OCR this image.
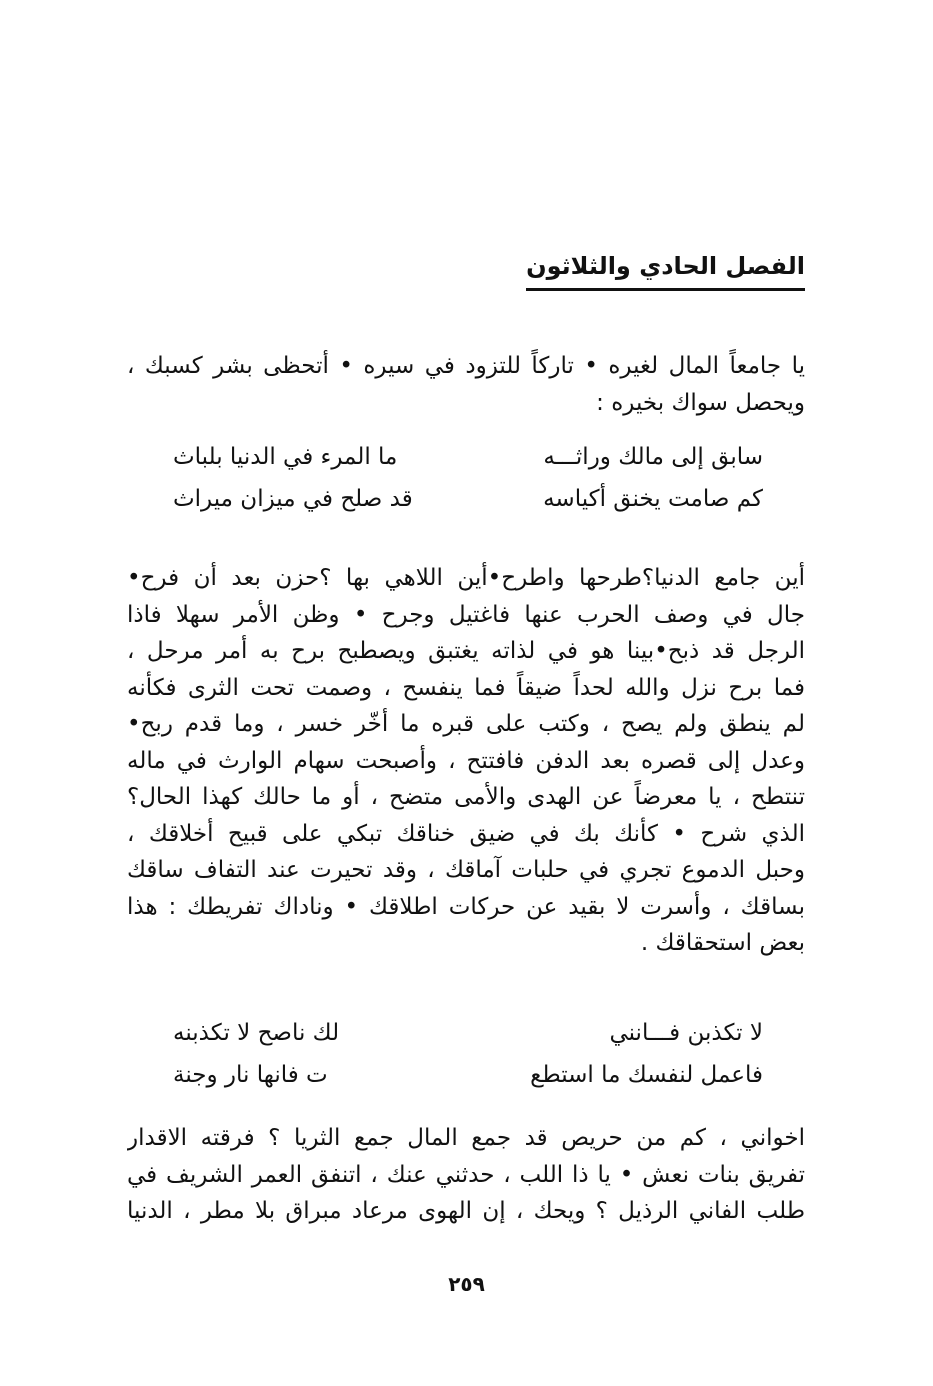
الفصل الحادي والثلاثون
يا جامعاً المال لغيره • تاركاً للتزود في سيره • أتحظى بشر كسبك ،
ويحصل سواك بخيره :
سابق إلى مالك وراثـــه
ما المرء في الدنيا بلباث
كم صامت يخنق أكياسه
قد صلح في ميزان ميراث
أين جامع الدنيا؟طرحها واطرح•أين اللاهي بها ؟حزن بعد أن فرح•
جال في وصف الحرب عنها فاغتيل وجرح • وظن الأمر سهلا فاذا
الرجل قد ذبح•بينا هو في لذاته يغتبق ويصطبح برح به أمر مرحل ،
فما برح نزل والله لحداً ضيقاً فما ينفسح ، وصمت تحت الثرى فكأنه
لم ينطق ولم يصح ، وكتب على قبره ما أخّر خسر ، وما قدم ربح•
وعدل إلى قصره بعد الدفن فافتتح ، وأصبحت سهام الوارث في ماله
تنتطح ، يا معرضاً عن الهدى والأمى متضح ، أو ما حالك كهذا الحال؟
الذي شرح • كأنك بك في ضيق خناقك تبكي على قبيح أخلاقك ،
وحبل الدموع تجري في حلبات آماقك ، وقد تحيرت عند التفاف ساقك
بساقك ، وأسرت لا بقيد عن حركات اطلاقك • وناداك تفريطك : هذا
بعض استحقاقك .
لا تكذبن فـــانني
لك ناصح لا تكذبنه
فاعمل لنفسك ما استطع
ت فانها نار وجنة
اخواني ، كم من حريص قد جمع المال جمع الثريا ؟ فرقته الاقدار
تفريق بنات نعش • يا ذا اللب ، حدثني عنك ، اتنفق العمر الشريف في
طلب الفاني الرذيل ؟ ويحك ، إن الهوى مرعاد مبراق بلا مطر ، الدنيا
٢٥٩
